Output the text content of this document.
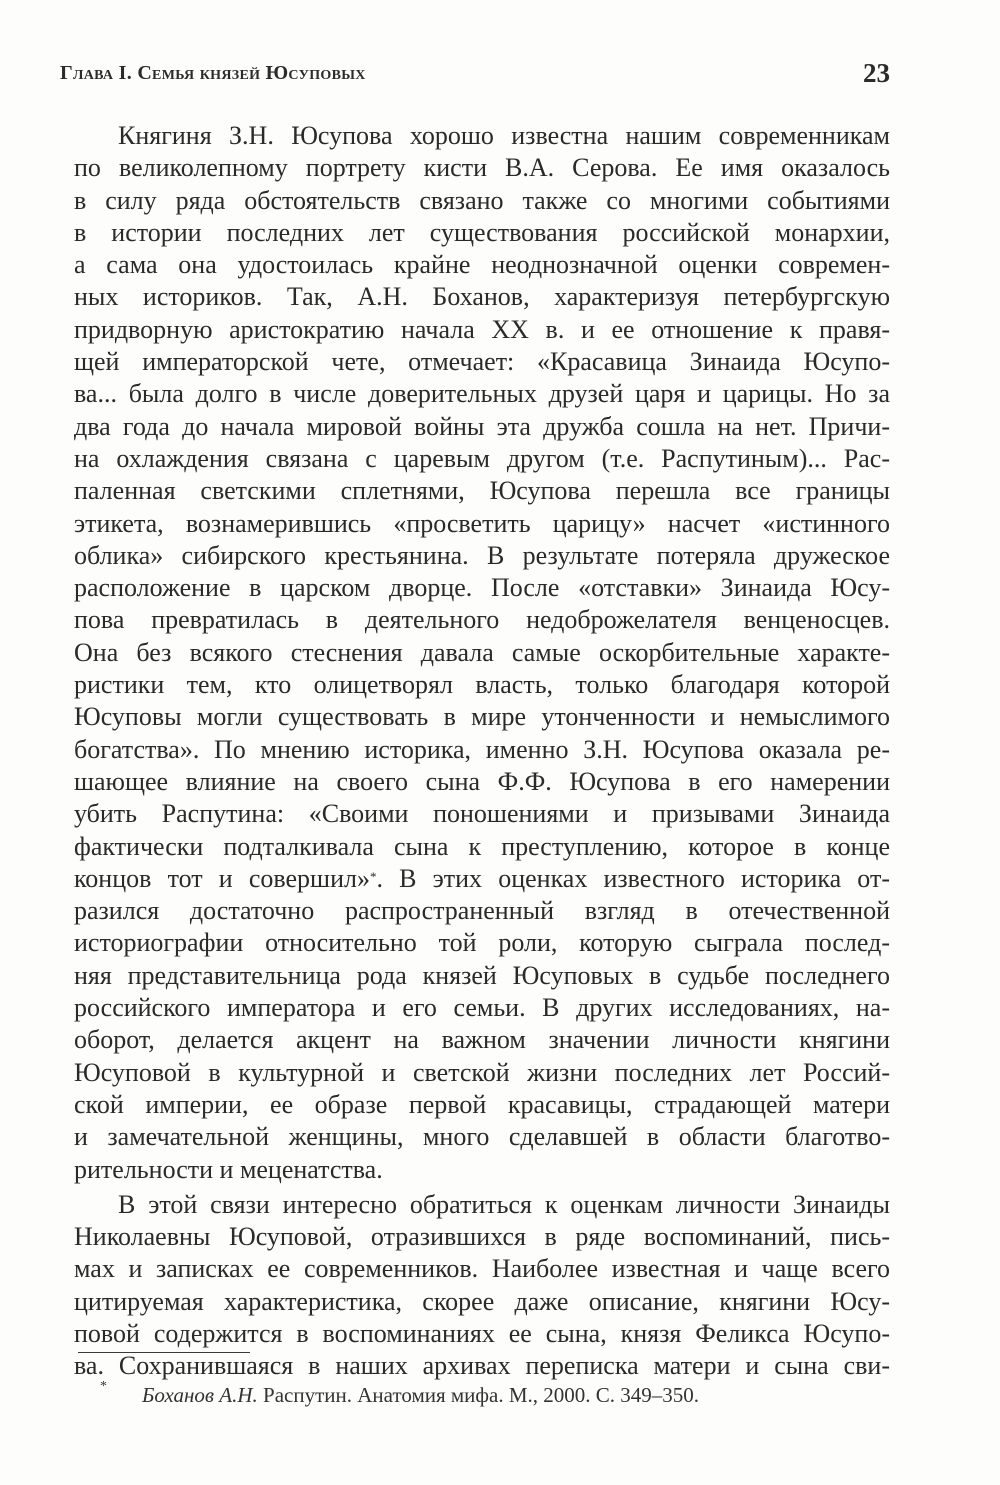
Глава I. Семья князей Юсуповых	23
Княгиня З.Н. Юсупова хорошо известна нашим современникам
по великолепному портрету кисти В.А. Серова. Ее имя оказалось
в силу ряда обстоятельств связано также со многими событиями
в истории последних лет существования российской монархии,
а сама она удостоилась крайне неоднозначной оценки современ-
ных историков. Так, А.Н. Боханов, характеризуя петербургскую
придворную аристократию начала XX в. и ее отношение к правя-
щей императорской чете, отмечает: «Красавица Зинаида Юсупо-
ва... была долго в числе доверительных друзей царя и царицы. Но за
два года до начала мировой войны эта дружба сошла на нет. Причи-
на охлаждения связана с царевым другом (т.е. Распутиным)... Рас-
паленная светскими сплетнями, Юсупова перешла все границы
этикета, вознамерившись «просветить царицу» насчет «истинного
облика» сибирского крестьянина. В результате потеряла дружеское
расположение в царском дворце. После «отставки» Зинаида Юсу-
пова превратилась в деятельного недоброжелателя венценосцев.
Она без всякого стеснения давала самые оскорбительные характе-
ристики тем, кто олицетворял власть, только благодаря которой
Юсуповы могли существовать в мире утонченности и немыслимого
богатства». По мнению историка, именно З.Н. Юсупова оказала ре-
шающее влияние на своего сына Ф.Ф. Юсупова в его намерении
убить Распутина: «Своими поношениями и призывами Зинаида
фактически подталкивала сына к преступлению, которое в конце
концов тот и совершил»*. В этих оценках известного историка от-
разился достаточно распространенный взгляд в отечественной
историографии относительно той роли, которую сыграла послед-
няя представительница рода князей Юсуповых в судьбе последнего
российского императора и его семьи. В других исследованиях, на-
оборот, делается акцент на важном значении личности княгини
Юсуповой в культурной и светской жизни последних лет Россий-
ской империи, ее образе первой красавицы, страдающей матери
и замечательной женщины, много сделавшей в области благотво-
рительности и меценатства.
В этой связи интересно обратиться к оценкам личности Зинаиды
Николаевны Юсуповой, отразившихся в ряде воспоминаний, пись-
мах и записках ее современников. Наиболее известная и чаще всего
цитируемая характеристика, скорее даже описание, княгини Юсу-
повой содержится в воспоминаниях ее сына, князя Феликса Юсупо-
ва. Сохранившаяся в наших архивах переписка матери и сына сви-
* Боханов А.Н. Распутин. Анатомия мифа. М., 2000. С. 349–350.
